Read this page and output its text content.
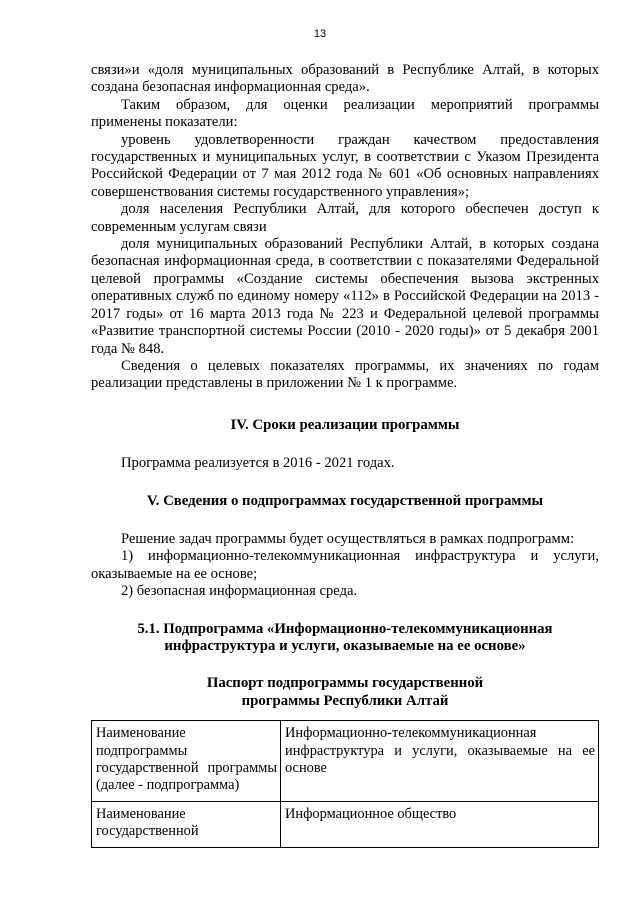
13

связи»и «доля муниципальных образований в Республике Алтай, в которых создана безопасная информационная среда».

Таким образом, для оценки реализации мероприятий программы применены показатели:

уровень удовлетворенности граждан качеством предоставления государственных и муниципальных услуг, в соответствии с Указом Президента Российской Федерации от 7 мая 2012 года № 601 «Об основных направлениях совершенствования системы государственного управления»;

доля населения Республики Алтай, для которого обеспечен доступ к современным услугам связи

доля муниципальных образований Республики Алтай, в которых создана безопасная информационная среда, в соответствии с показателями Федеральной целевой программы «Создание системы обеспечения вызова экстренных оперативных служб по единому номеру «112» в Российской Федерации на 2013 - 2017 годы» от 16 марта 2013 года № 223 и Федеральной целевой программы «Развитие транспортной системы России (2010 - 2020 годы)» от 5 декабря 2001 года № 848.

Сведения о целевых показателях программы, их значениях по годам реализации представлены в приложении № 1 к программе.

IV. Сроки реализации программы

Программа реализуется в 2016 - 2021 годах.

V. Сведения о подпрограммах государственной программы

Решение задач программы будет осуществляться в рамках подпрограмм:

1) информационно-телекоммуникационная инфраструктура и услуги, оказываемые на ее основе;

2) безопасная информационная среда.

5.1. Подпрограмма «Информационно-телекоммуникационная
инфраструктура и услуги, оказываемые на ее основе»
Паспорт подпрограммы государственной
программы Республики Алтай
Наименование подпрограммы государственной программы (далее - подпрограмма)	Информационно-телекоммуникационная инфраструктура и услуги, оказываемые на ее основе

Наименование государственной	Информационное общество
